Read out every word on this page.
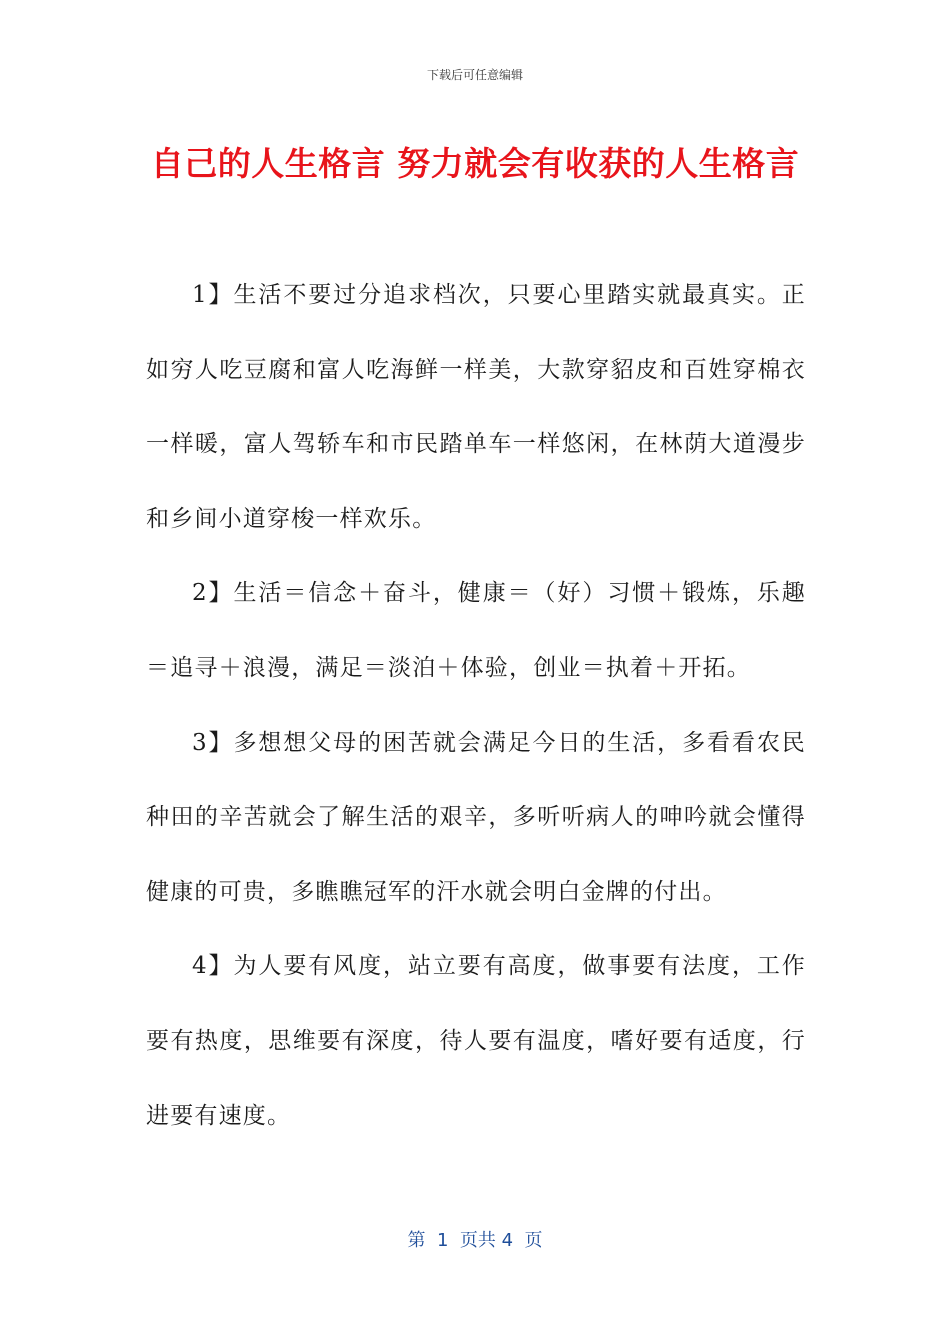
下载后可任意编辑
自己的人生格言 努力就会有收获的人生格言

1】生活不要过分追求档次，只要心里踏实就最真实。正如穷人吃豆腐和富人吃海鲜一样美，大款穿貂皮和百姓穿棉衣一样暖，富人驾轿车和市民踏单车一样悠闲，在林荫大道漫步和乡间小道穿梭一样欢乐。

2】生活＝信念＋奋斗，健康＝（好）习惯＋锻炼，乐趣＝追寻＋浪漫，满足＝淡泊＋体验，创业＝执着＋开拓。

3】多想想父母的困苦就会满足今日的生活，多看看农民种田的辛苦就会了解生活的艰辛，多听听病人的呻吟就会懂得健康的可贵，多瞧瞧冠军的汗水就会明白金牌的付出。

4】为人要有风度，站立要有高度，做事要有法度，工作要有热度，思维要有深度，待人要有温度，嗜好要有适度，行进要有速度。

第  1  页共 4  页
